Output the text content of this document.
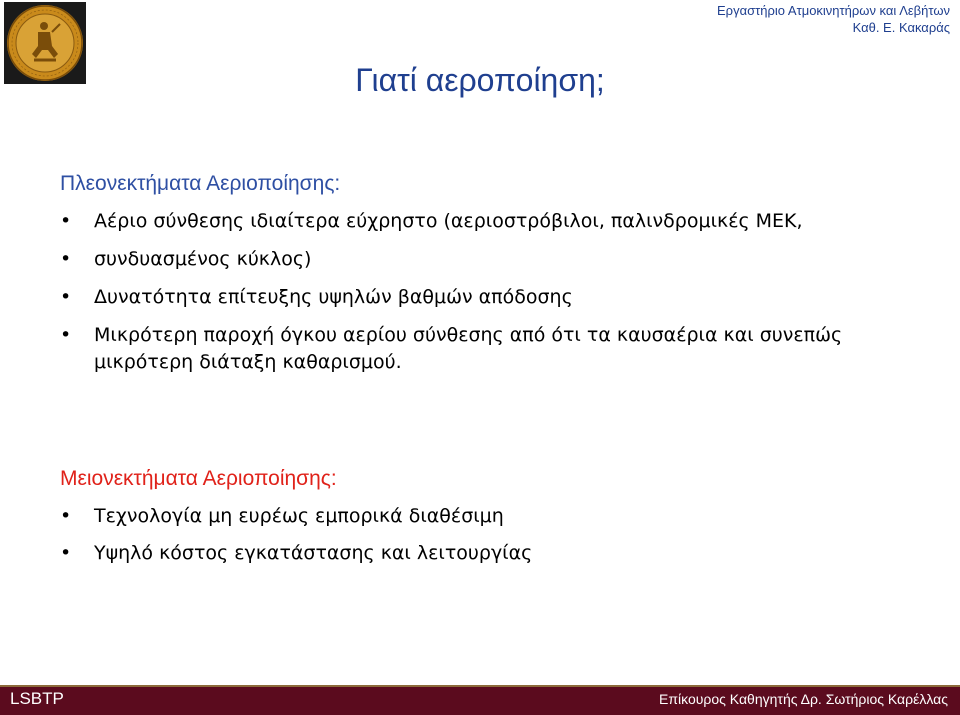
Εργαστήριο Ατμοκινητήρων και Λεβήτων
Καθ. Ε. Κακαράς
Γιατί αεροποίηση;
Πλεονεκτήματα Αεριοποίησης:
•	Αέριο σύνθεσης ιδιαίτερα εύχρηστο (αεριοστρόβιλοι, παλινδρομικές ΜΕΚ,
•	συνδυασμένος κύκλος)
•	Δυνατότητα επίτευξης υψηλών βαθμών απόδοσης
•	Μικρότερη παροχή όγκου αερίου σύνθεσης από ότι τα καυσαέρια και συνεπώς μικρότερη διάταξη καθαρισμού.
Μειονεκτήματα Αεριοποίησης:
•	Τεχνολογία μη ευρέως εμπορικά διαθέσιμη
•	Υψηλό κόστος εγκατάστασης και λειτουργίας
LSBTP	Επίκουρος Καθηγητής Δρ. Σωτήριος Καρέλλας
